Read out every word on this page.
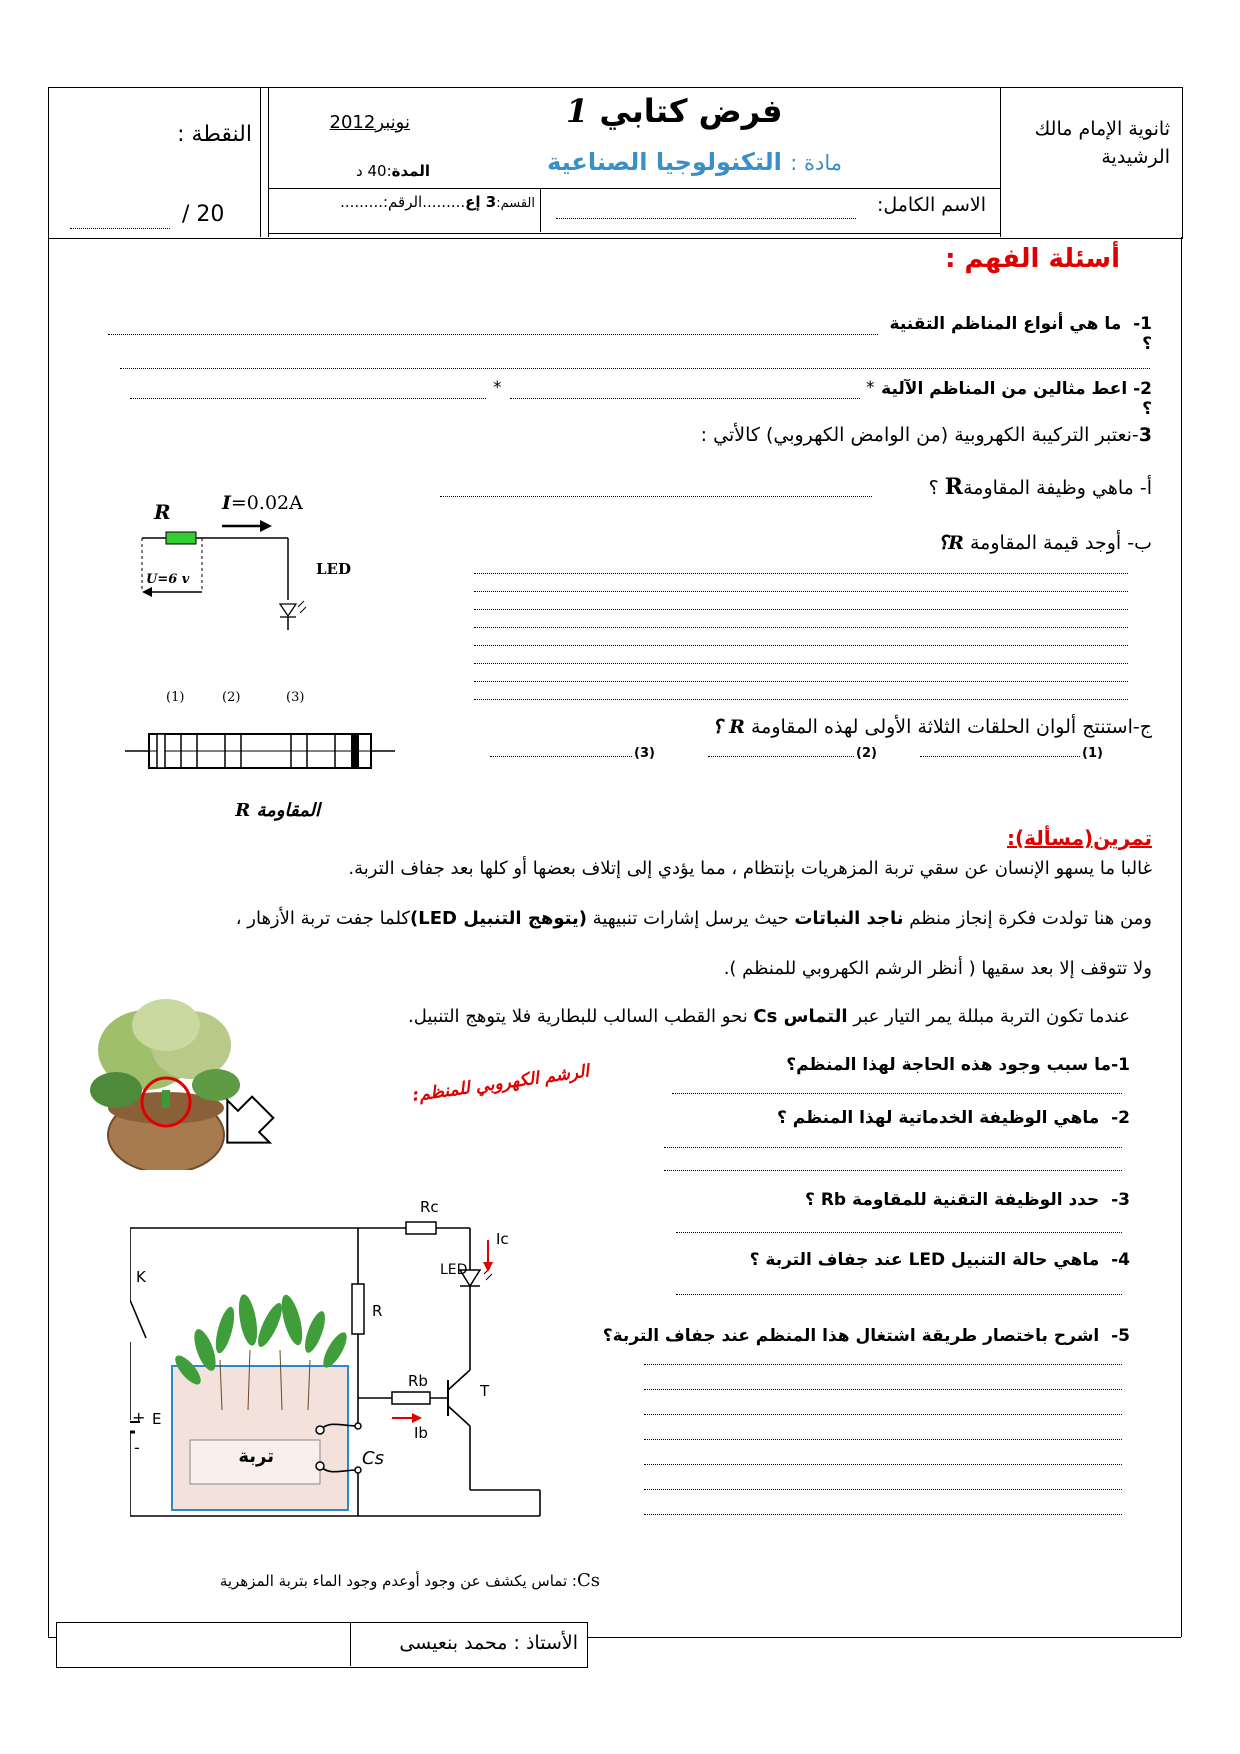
ثانوية الإمام مالك
الرشيدية
فرض كتابي 1
مادة : التكنولوجيا الصناعية
نونبر2012
المدة:40 د
النقطة :
/ 20	الاسم الكامل:
القسم:3 إع.........الرقم:.........
أسئلة الفهم :
1-  ما هي أنواع المناظم التقنية ؟
2- اعط مثالين من المناظم الآلية ؟
*
*
3-نعتبر التركيبة الكهروبية (من الوامض الكهروبي) كالأتي :
أ- ماهي وظيفة المقاومةR ؟
ب- أوجد قيمة المقاومة R؟
ج-استنتج ألوان الحلقات الثلاثة الأولى لهذه المقاومة R ؟
(1)
(2)
(3)
R	I=0.02A
U=6 v
LED
(1)	(2)	(3)
المقاومة R
تمرين(مسألة):
غالبا ما يسهو الإنسان عن سقي تربة المزهريات بإنتظام ، مما يؤدي إلى إتلاف بعضها أو كلها بعد جفاف التربة.
ومن هنا تولدت فكرة إنجاز منظم ناجد النباتات حيث يرسل إشارات تنبيهية (يتوهج التنبيل LED)كلما جفت تربة الأزهار ،
ولا تتوقف إلا بعد سقيها ( أنظر الرشم الكهروبي للمنظم ).
عندما تكون التربة مبللة يمر التيار عبر التماس Cs نحو القطب السالب للبطارية فلا يتوهج التنبيل.
1-ما سبب وجود هذه الحاجة لهذا المنظم؟
2-  ماهي الوظيفة الخدماتية لهذا المنظم ؟
3-  حدد الوظيفة التقنية للمقاومة Rb ؟
4-  ماهي حالة التنبيل LED عند جفاف التربة ؟
5-  اشرح باختصار طريقة اشتغال هذا المنظم عند جفاف التربة؟
الرشم الكهروبي للمنظم:
K
E
+
-
R
Rc
Rb
Ic
Ib
LED
T
Cs
تربة
Cs: تماس يكشف عن وجود أوعدم وجود الماء بتربة المزهرية
الأستاذ : محمد بنعيسى
